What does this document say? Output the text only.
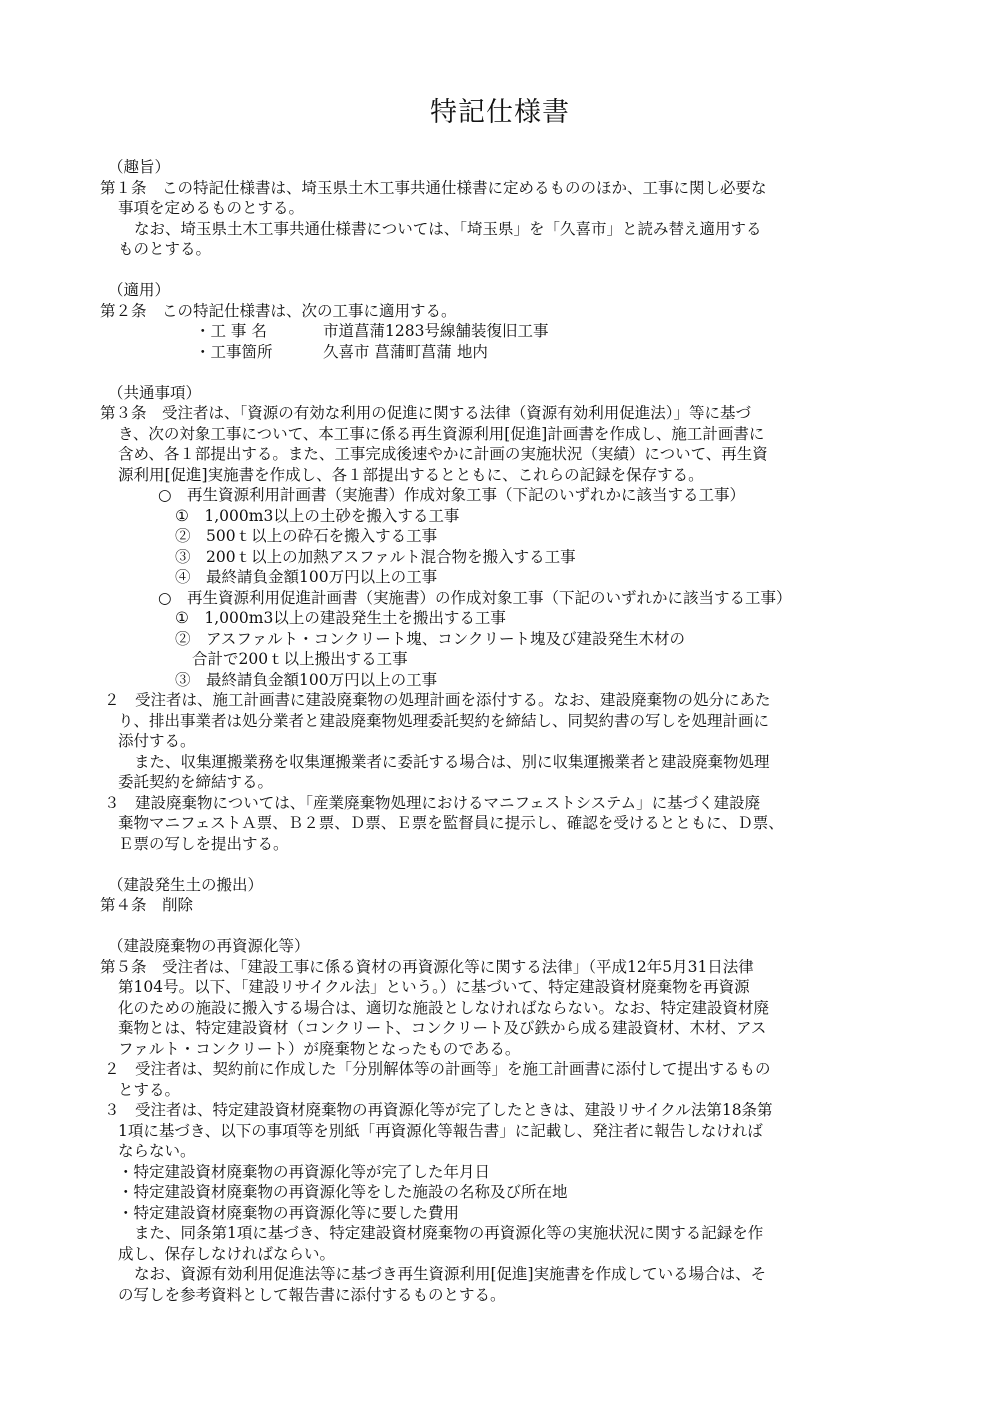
特記仕様書
（趣旨）
第１条　この特記仕様書は、埼玉県土木工事共通仕様書に定めるもののほか、工事に関し必要な
事項を定めるものとする。
なお、埼玉県土木工事共通仕様書については、「埼玉県」を「久喜市」と読み替え適用する
ものとする。
（適用）
第２条　この特記仕様書は、次の工事に適用する。
・工 事 名	市道菖蒲1283号線舗装復旧工事
・工事箇所	久喜市 菖蒲町菖蒲 地内
（共通事項）
第３条　受注者は、「資源の有効な利用の促進に関する法律（資源有効利用促進法）」等に基づ
き、次の対象工事について、本工事に係る再生資源利用[促進]計画書を作成し、施工計画書に
含め、各１部提出する。また、工事完成後速やかに計画の実施状況（実績）について、再生資
源利用[促進]実施書を作成し、各１部提出するとともに、これらの記録を保存する。
○　再生資源利用計画書（実施書）作成対象工事（下記のいずれかに該当する工事）
①　1,000m3以上の土砂を搬入する工事
②　500ｔ以上の砕石を搬入する工事
③　200ｔ以上の加熱アスファルト混合物を搬入する工事
④　最終請負金額100万円以上の工事
○　再生資源利用促進計画書（実施書）の作成対象工事（下記のいずれかに該当する工事）
①　1,000m3以上の建設発生土を搬出する工事
②　アスファルト・コンクリート塊、コンクリート塊及び建設発生木材の
合計で200ｔ以上搬出する工事
③　最終請負金額100万円以上の工事
２　受注者は、施工計画書に建設廃棄物の処理計画を添付する。なお、建設廃棄物の処分にあた
り、排出事業者は処分業者と建設廃棄物処理委託契約を締結し、同契約書の写しを処理計画に
添付する。
また、収集運搬業務を収集運搬業者に委託する場合は、別に収集運搬業者と建設廃棄物処理
委託契約を締結する。
３　建設廃棄物については、「産業廃棄物処理におけるマニフェストシステム」に基づく建設廃
棄物マニフェストＡ票、Ｂ２票、Ｄ票、Ｅ票を監督員に提示し、確認を受けるとともに、Ｄ票、
Ｅ票の写しを提出する。
（建設発生土の搬出）
第４条　削除
（建設廃棄物の再資源化等）
第５条　受注者は、「建設工事に係る資材の再資源化等に関する法律」（平成12年5月31日法律
第104号。以下、「建設リサイクル法」という。）に基づいて、特定建設資材廃棄物を再資源
化のための施設に搬入する場合は、適切な施設としなければならない。なお、特定建設資材廃
棄物とは、特定建設資材（コンクリート、コンクリート及び鉄から成る建設資材、木材、アス
ファルト・コンクリート）が廃棄物となったものである。
２　受注者は、契約前に作成した「分別解体等の計画等」を施工計画書に添付して提出するもの
とする。
３　受注者は、特定建設資材廃棄物の再資源化等が完了したときは、建設リサイクル法第18条第
1項に基づき、以下の事項等を別紙「再資源化等報告書」に記載し、発注者に報告しなければ
ならない。
・特定建設資材廃棄物の再資源化等が完了した年月日
・特定建設資材廃棄物の再資源化等をした施設の名称及び所在地
・特定建設資材廃棄物の再資源化等に要した費用
また、同条第1項に基づき、特定建設資材廃棄物の再資源化等の実施状況に関する記録を作
成し、保存しなければならい。
なお、資源有効利用促進法等に基づき再生資源利用[促進]実施書を作成している場合は、そ
の写しを参考資料として報告書に添付するものとする。
